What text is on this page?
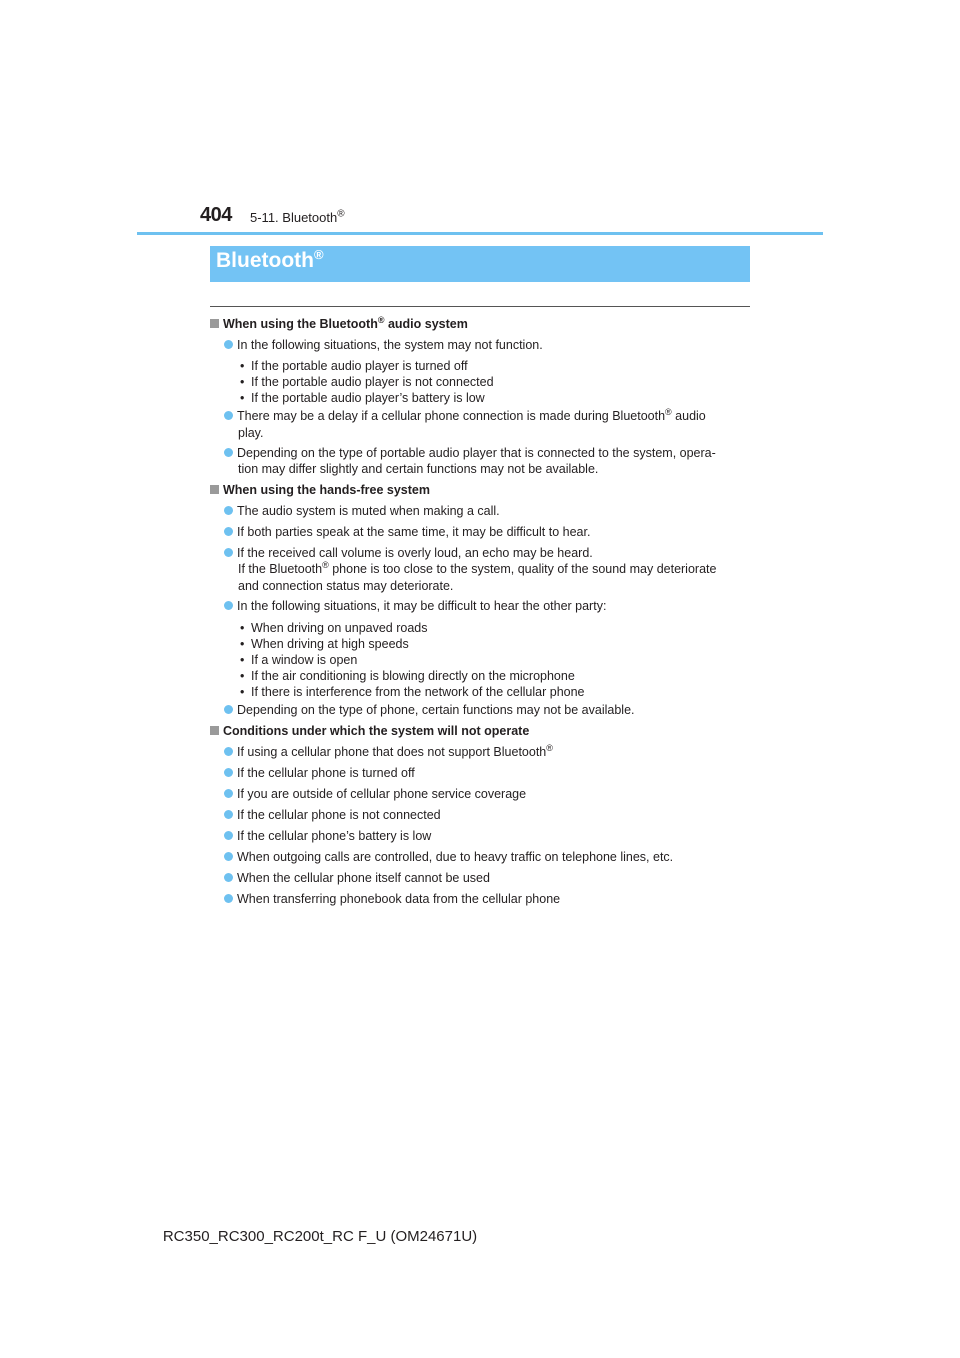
404 5-11. Bluetooth®
Bluetooth®
When using the Bluetooth® audio system
In the following situations, the system may not function.
• If the portable audio player is turned off
• If the portable audio player is not connected
• If the portable audio player’s battery is low
There may be a delay if a cellular phone connection is made during Bluetooth® audio
play.
Depending on the type of portable audio player that is connected to the system, opera-
tion may differ slightly and certain functions may not be available.
When using the hands-free system
The audio system is muted when making a call.
If both parties speak at the same time, it may be difficult to hear.
If the received call volume is overly loud, an echo may be heard.
If the Bluetooth® phone is too close to the system, quality of the sound may deteriorate
and connection status may deteriorate.
In the following situations, it may be difficult to hear the other party:
• When driving on unpaved roads
• When driving at high speeds
• If a window is open
• If the air conditioning is blowing directly on the microphone
• If there is interference from the network of the cellular phone
Depending on the type of phone, certain functions may not be available.
Conditions under which the system will not operate
If using a cellular phone that does not support Bluetooth®
If the cellular phone is turned off
If you are outside of cellular phone service coverage
If the cellular phone is not connected
If the cellular phone’s battery is low
When outgoing calls are controlled, due to heavy traffic on telephone lines, etc.
When the cellular phone itself cannot be used
When transferring phonebook data from the cellular phone
RC350_RC300_RC200t_RC F_U (OM24671U)
